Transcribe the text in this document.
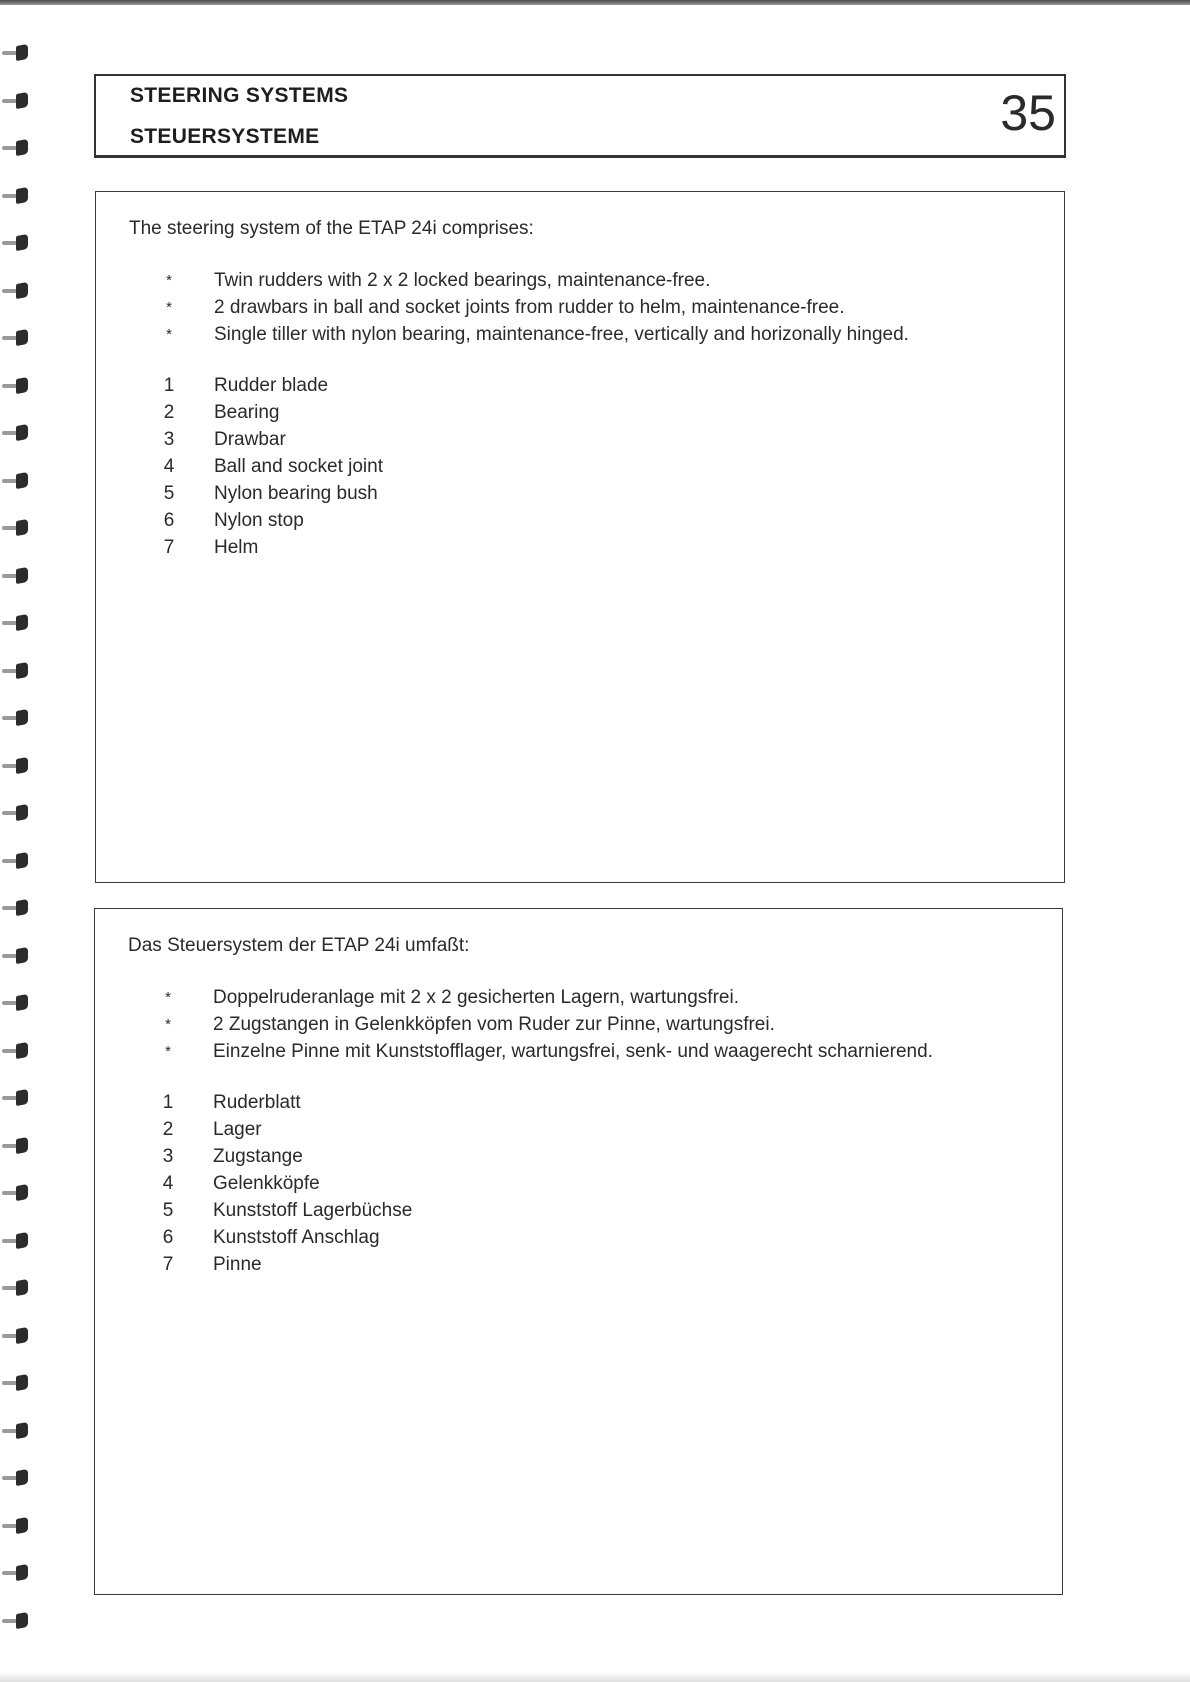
STEERING SYSTEMS
STEUERSYSTEME	35
The steering system of the ETAP 24i comprises:
* Twin rudders with 2 x 2 locked bearings, maintenance-free.
* 2 drawbars in ball and socket joints from rudder to helm, maintenance-free.
* Single tiller with nylon bearing, maintenance-free, vertically and horizonally hinged.
1 Rudder blade
2 Bearing
3 Drawbar
4 Ball and socket joint
5 Nylon bearing bush
6 Nylon stop
7 Helm
Das Steuersystem der ETAP 24i umfaßt:
* Doppelruderanlage mit 2 x 2 gesicherten Lagern, wartungsfrei.
* 2 Zugstangen in Gelenkköpfen vom Ruder zur Pinne, wartungsfrei.
* Einzelne Pinne mit Kunststofflager, wartungsfrei, senk- und waagerecht scharnierend.
1 Ruderblatt
2 Lager
3 Zugstange
4 Gelenkköpfe
5 Kunststoff Lagerbüchse
6 Kunststoff Anschlag
7 Pinne
